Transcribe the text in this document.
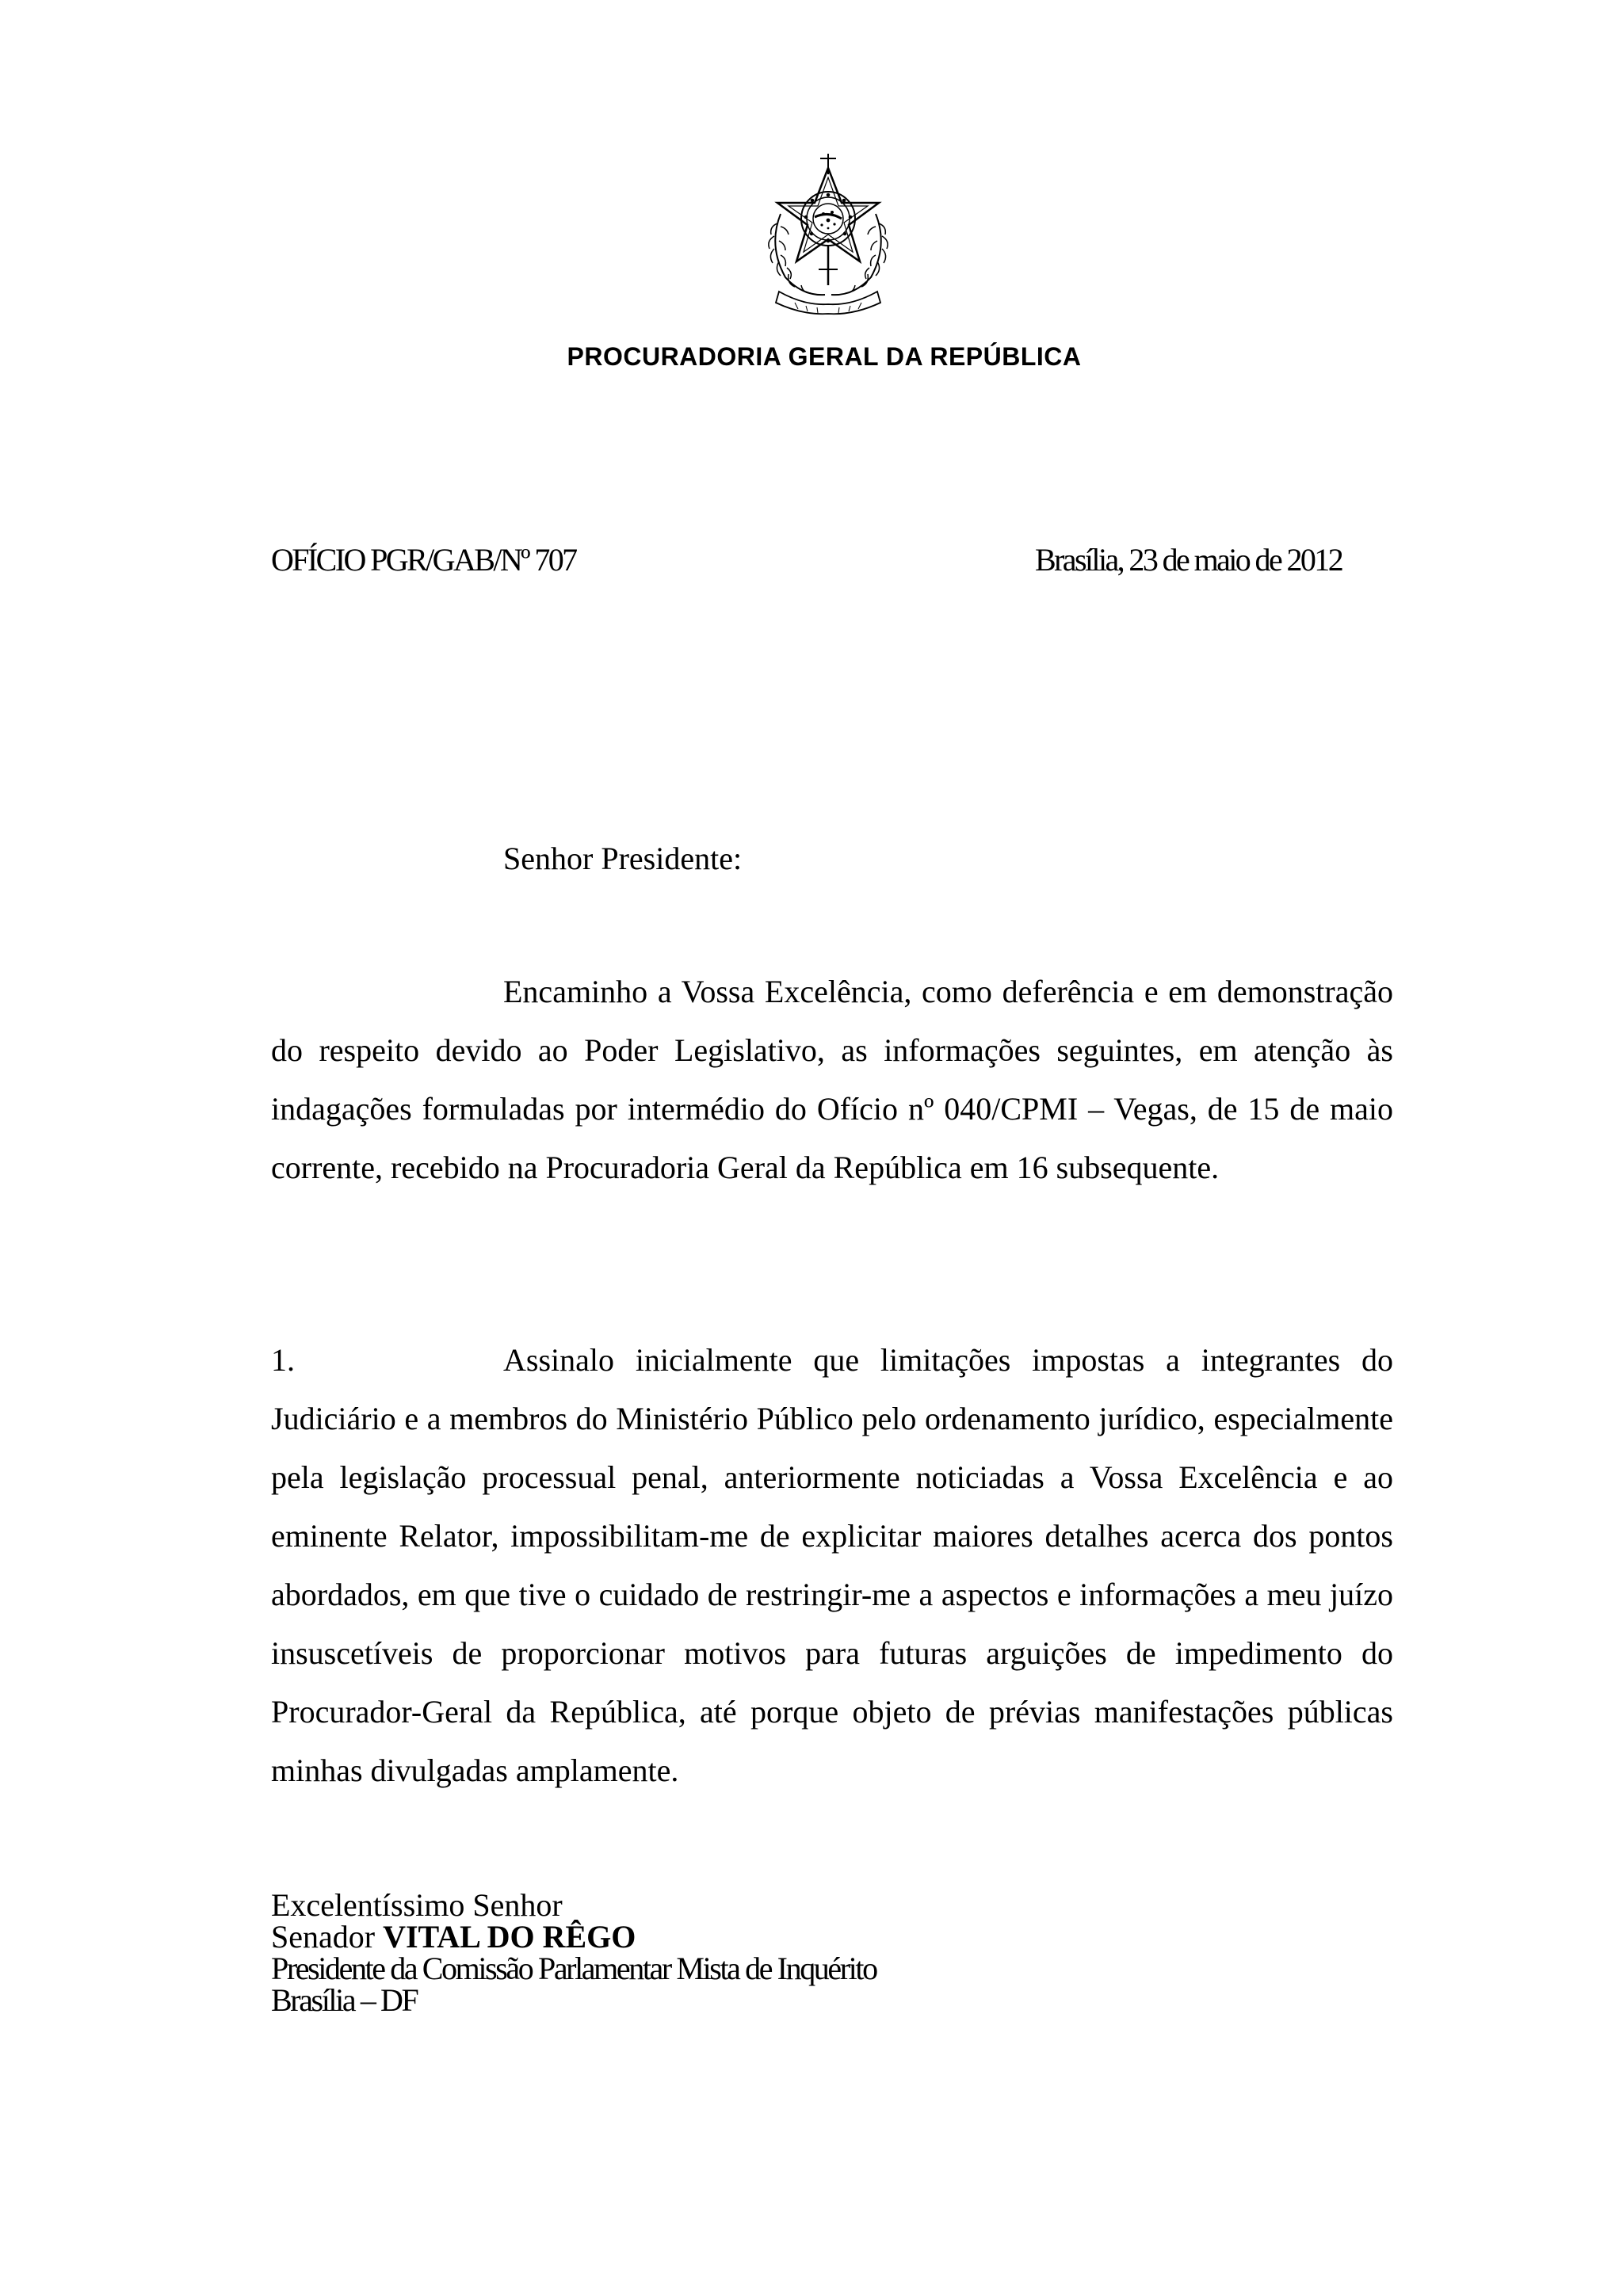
PROCURADORIA GERAL DA REPÚBLICA
OFÍCIO PGR/GAB/Nº 707	Brasília, 23 de maio de 2012
Senhor Presidente:
Encaminho a Vossa Excelência, como deferência e em demonstração do respeito devido ao Poder Legislativo, as informações seguintes, em atenção às indagações formuladas por intermédio do Ofício nº 040/CPMI – Vegas, de 15 de maio corrente, recebido na Procuradoria Geral da República em 16 subsequente.
1.	Assinalo inicialmente que limitações impostas a integrantes do Judiciário e a membros do Ministério Público pelo ordenamento jurídico, especialmente pela legislação processual penal, anteriormente noticiadas a Vossa Excelência e ao eminente Relator, impossibilitam-me de explicitar maiores detalhes acerca dos pontos abordados, em que tive o cuidado de restringir-me a aspectos e informações a meu juízo insuscetíveis de proporcionar motivos para futuras arguições de impedimento do Procurador-Geral da República, até porque objeto de prévias manifestações públicas minhas divulgadas amplamente.
Excelentíssimo Senhor
Senador VITAL DO RÊGO
Presidente da Comissão Parlamentar Mista de Inquérito
Brasília – DF
